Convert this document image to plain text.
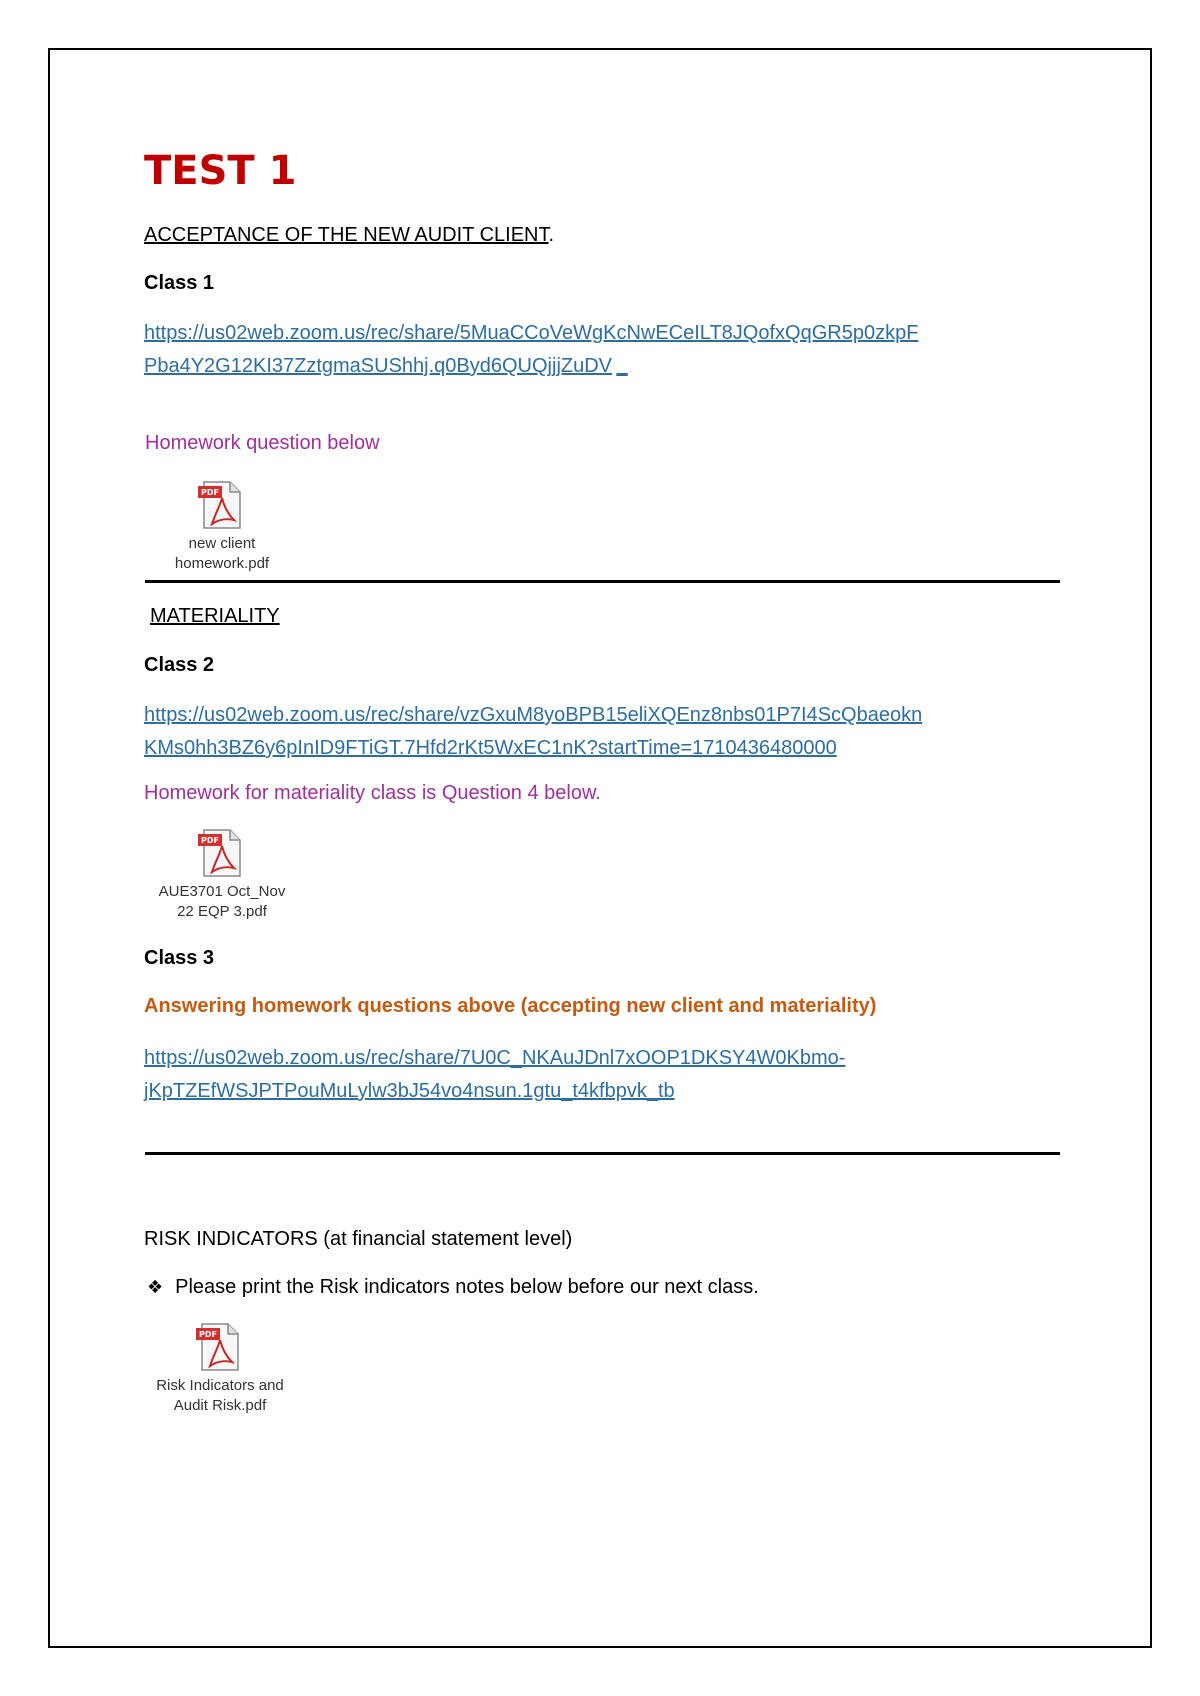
TEST 1
ACCEPTANCE OF THE NEW AUDIT CLIENT.
Class 1
https://us02web.zoom.us/rec/share/5MuaCCoVeWgKcNwECeILT8JQofxQqGR5p0zkpF
Pba4Y2G12KI37ZztgmaSUShhj.q0Byd6QUQjjjZuDV _
Homework question below
PDF
new client
homework.pdf
MATERIALITY
Class 2
https://us02web.zoom.us/rec/share/vzGxuM8yoBPB15eliXQEnz8nbs01P7I4ScQbaeokn
KMs0hh3BZ6y6pInID9FTiGT.7Hfd2rKt5WxEC1nK?startTime=1710436480000
Homework for materiality class is Question 4 below.
PDF
AUE3701 Oct_Nov
22 EQP 3.pdf
Class 3
Answering homework questions above (accepting new client and materiality)
https://us02web.zoom.us/rec/share/7U0C_NKAuJDnl7xOOP1DKSY4W0Kbmo-
jKpTZEfWSJPTPouMuLylw3bJ54vo4nsun.1gtu_t4kfbpvk_tb
RISK INDICATORS (at financial statement level)
❖ Please print the Risk indicators notes below before our next class.
PDF
Risk Indicators and
Audit Risk.pdf
